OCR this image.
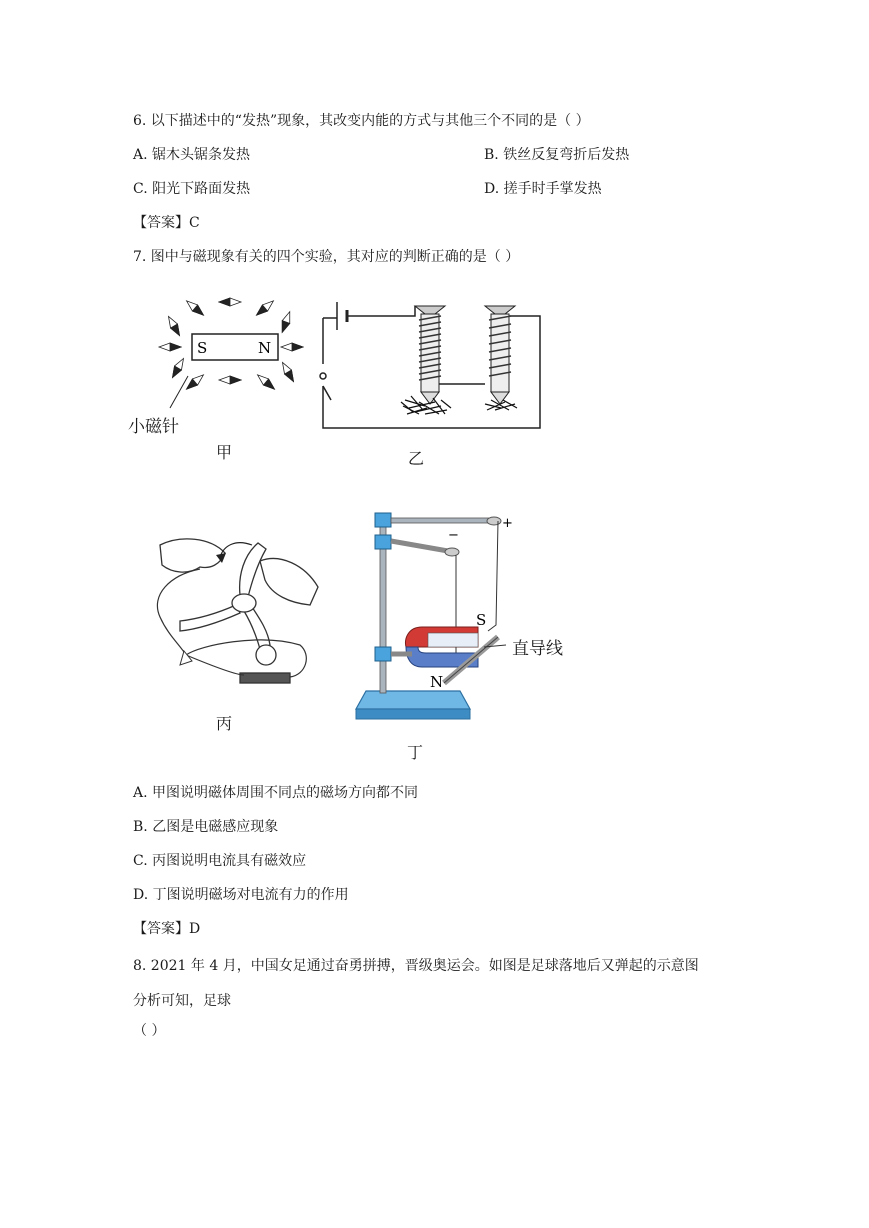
6. 以下描述中的“发热”现象，其改变内能的方式与其他三个不同的是（ ）
A. 锯木头锯条发热	B. 铁丝反复弯折后发热
C. 阳光下路面发热	D. 搓手时手掌发热
【答案】C
7. 图中与磁现象有关的四个实验，其对应的判断正确的是（ ）
S	N
小磁针
甲	乙
丙
+
−
S
N
直导线
丁
A. 甲图说明磁体周围不同点的磁场方向都不同
B. 乙图是电磁感应现象
C. 丙图说明电流具有磁效应
D. 丁图说明磁场对电流有力的作用
【答案】D
8. 2021 年 4 月，中国女足通过奋勇拼搏，晋级奥运会。如图是足球落地后又弹起的示意图
分析可知，足球
（ ）
